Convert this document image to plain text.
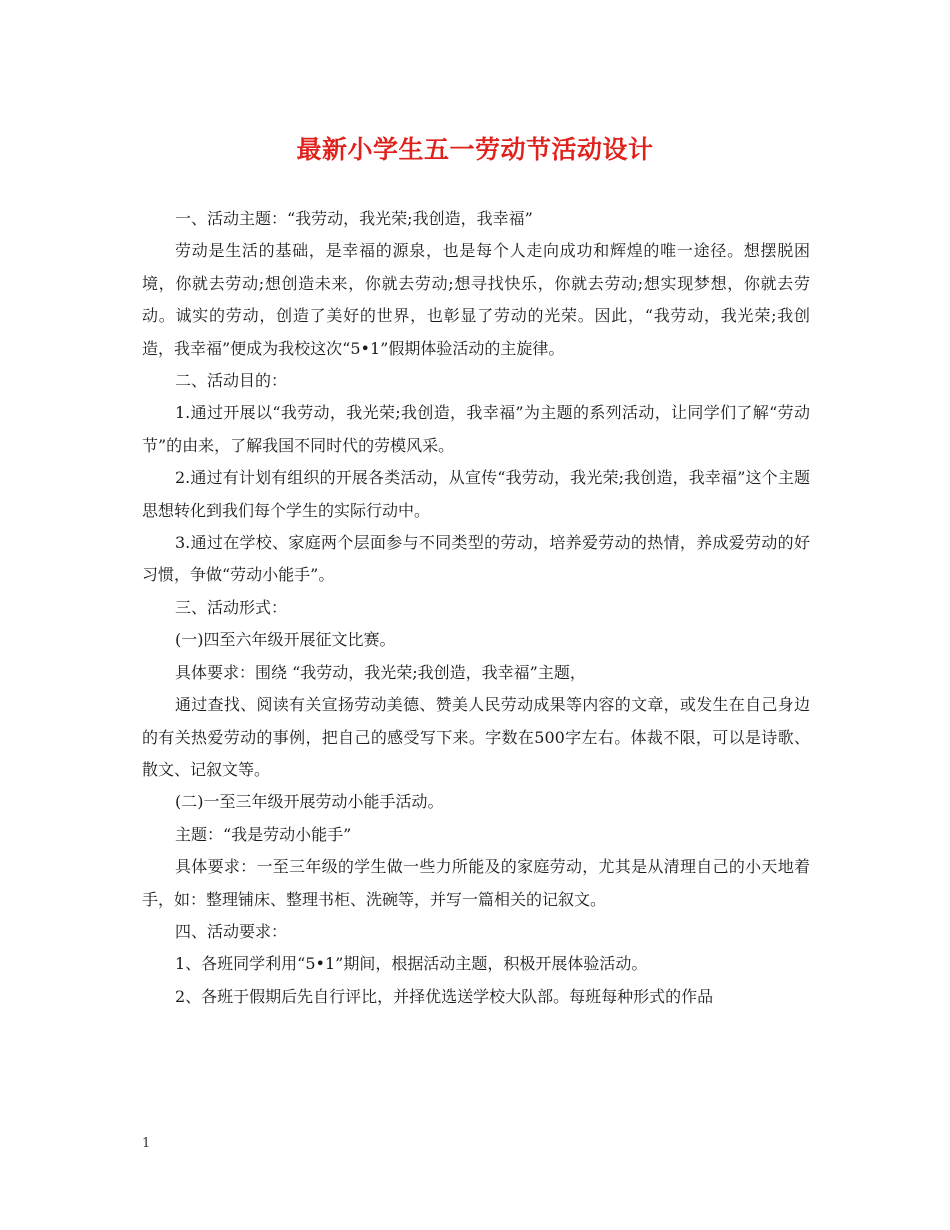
最新小学生五一劳动节活动设计

一、活动主题：“我劳动，我光荣;我创造，我幸福”

劳动是生活的基础，是幸福的源泉，也是每个人走向成功和辉煌的唯一途径。想摆脱困境，你就去劳动;想创造未来，你就去劳动;想寻找快乐，你就去劳动;想实现梦想，你就去劳动。诚实的劳动，创造了美好的世界，也彰显了劳动的光荣。因此，“我劳动，我光荣;我创造，我幸福”便成为我校这次“5•1”假期体验活动的主旋律。

二、活动目的：

1.通过开展以“我劳动，我光荣;我创造，我幸福”为主题的系列活动，让同学们了解“劳动节”的由来，了解我国不同时代的劳模风采。

2.通过有计划有组织的开展各类活动，从宣传“我劳动，我光荣;我创造，我幸福”这个主题思想转化到我们每个学生的实际行动中。

3.通过在学校、家庭两个层面参与不同类型的劳动，培养爱劳动的热情，养成爱劳动的好习惯，争做“劳动小能手”。

三、活动形式：

(一)四至六年级开展征文比赛。

具体要求：围绕 “我劳动，我光荣;我创造，我幸福”主题，

通过查找、阅读有关宣扬劳动美德、赞美人民劳动成果等内容的文章，或发生在自己身边的有关热爱劳动的事例，把自己的感受写下来。字数在500字左右。体裁不限，可以是诗歌、散文、记叙文等。

(二)一至三年级开展劳动小能手活动。

主题：“我是劳动小能手”

具体要求：一至三年级的学生做一些力所能及的家庭劳动，尤其是从清理自己的小天地着手，如：整理铺床、整理书柜、洗碗等，并写一篇相关的记叙文。

四、活动要求：

1、各班同学利用“5•1”期间，根据活动主题，积极开展体验活动。

2、各班于假期后先自行评比，并择优选送学校大队部。每班每种形式的作品

1
